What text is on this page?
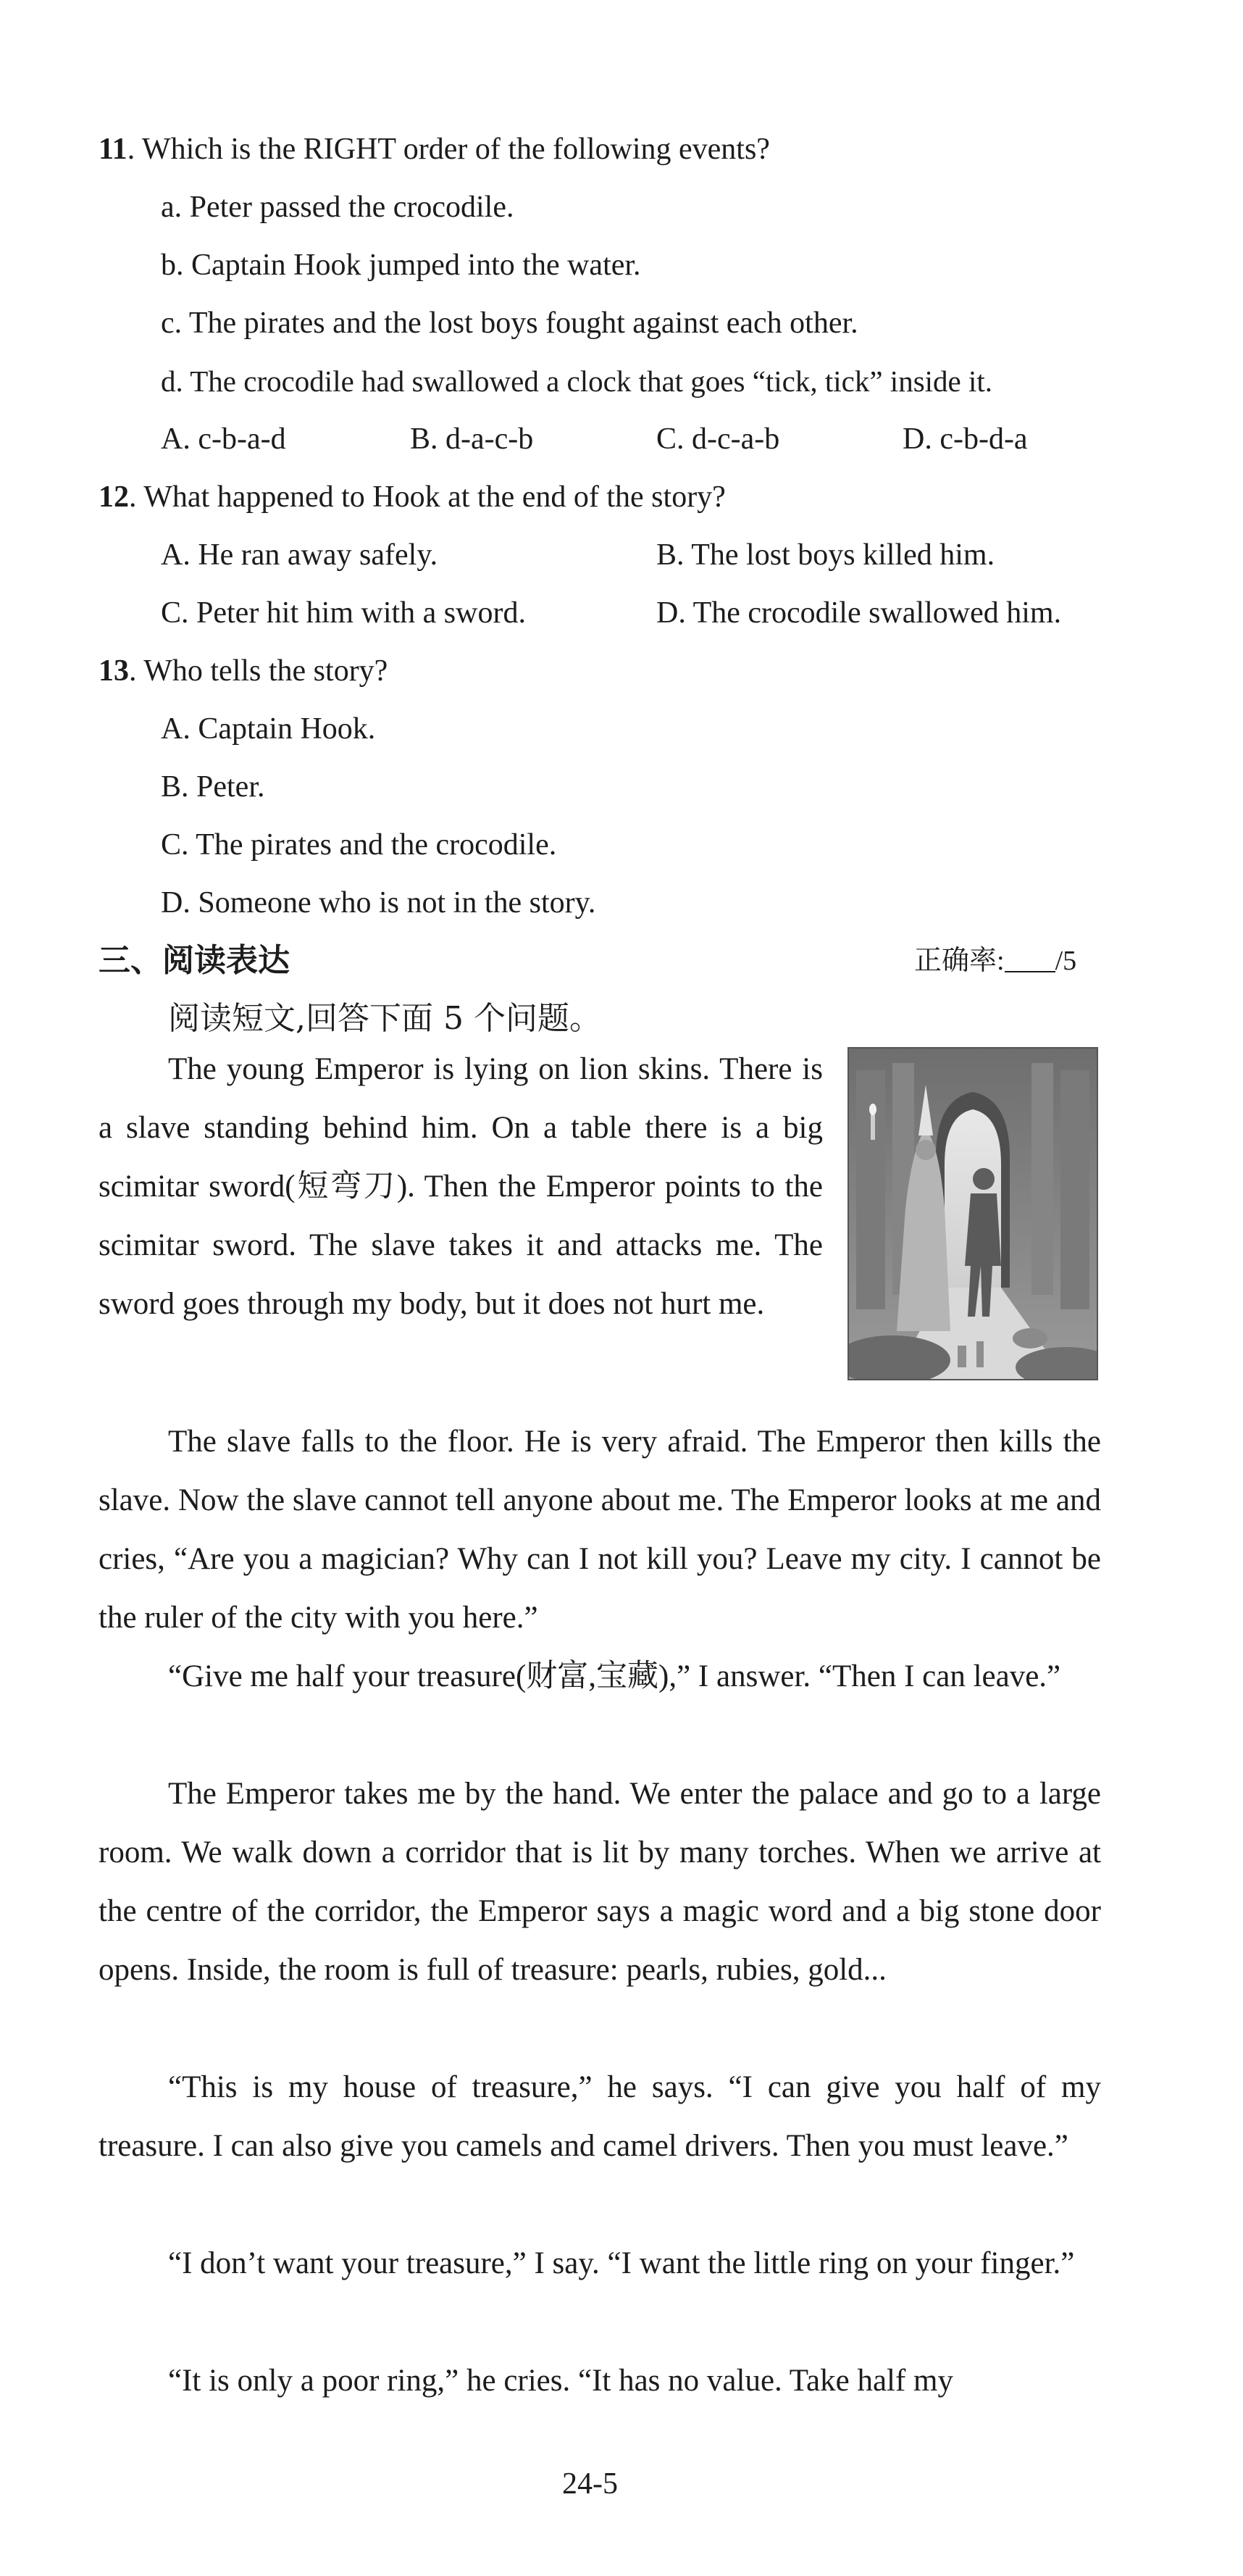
11. Which is the RIGHT order of the following events?
a. Peter passed the crocodile.
b. Captain Hook jumped into the water.
c. The pirates and the lost boys fought against each other.
d. The crocodile had swallowed a clock that goes “tick, tick” inside it.
A. c-b-a-d	B. d-a-c-b	C. d-c-a-b	D. c-b-d-a
12. What happened to Hook at the end of the story?
A. He ran away safely.	B. The lost boys killed him.
C. Peter hit him with a sword.	D. The crocodile swallowed him.
13. Who tells the story?
A. Captain Hook.
B. Peter.
C. The pirates and the crocodile.
D. Someone who is not in the story.
三、阅读表达	正确率: /5
阅读短文,回答下面 5 个问题。
The young Emperor is lying on lion skins. There is a slave standing behind him. On a table there is a big scimitar sword(短弯刀). Then the Emperor points to the scimitar sword. The slave takes it and attacks me. The sword goes through my body, but it does not hurt me.
The slave falls to the floor. He is very afraid. The Emperor then kills the slave. Now the slave cannot tell anyone about me. The Emperor looks at me and cries, “Are you a magician? Why can I not kill you? Leave my city. I cannot be the ruler of the city with you here.”
“Give me half your treasure(财富,宝藏),” I answer. “Then I can leave.”
The Emperor takes me by the hand. We enter the palace and go to a large room. We walk down a corridor that is lit by many torches. When we arrive at the centre of the corridor, the Emperor says a magic word and a big stone door opens. Inside, the room is full of treasure: pearls, rubies, gold...
“This is my house of treasure,” he says. “I can give you half of my treasure. I can also give you camels and camel drivers. Then you must leave.”
“I don’t want your treasure,” I say. “I want the little ring on your finger.”
“It is only a poor ring,” he cries. “It has no value. Take half my
24-5
